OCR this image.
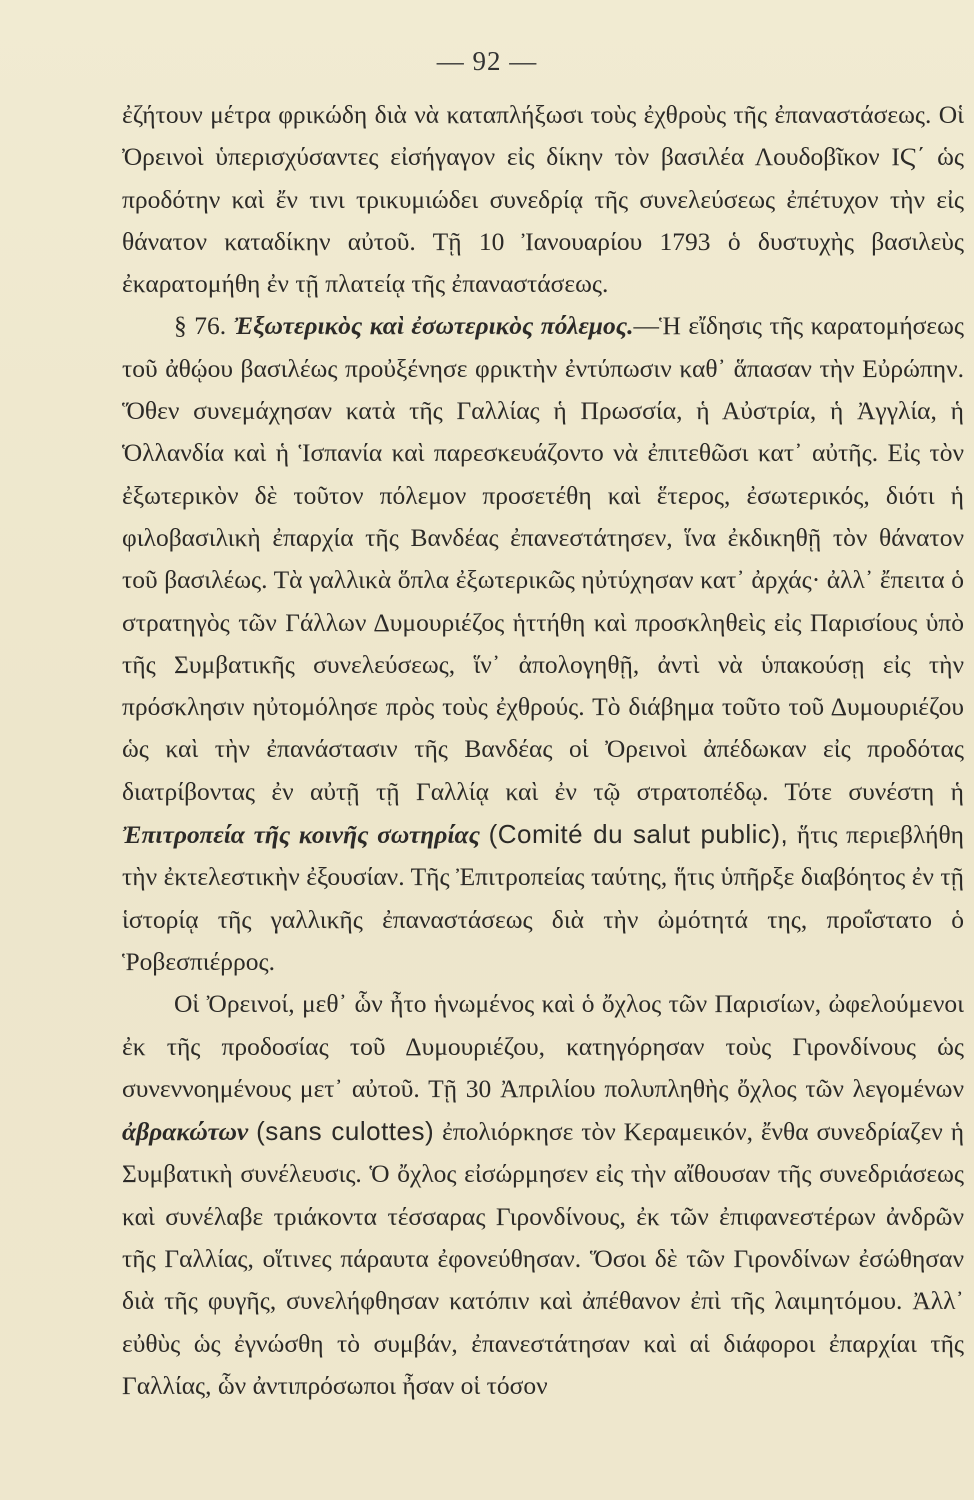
— 92 —

ἐζήτουν μέτρα φρικώδη διὰ νὰ καταπλήξωσι τοὺς ἐχθροὺς τῆς ἐπαναστάσεως. Οἱ Ὀρεινοὶ ὑπερισχύσαντες εἰσήγαγον εἰς δίκην τὸν βασιλέα Λουδοβῖκον ΙϚ΄ ὡς προδότην καὶ ἔν τινι τρικυμιώδει συνεδρίᾳ τῆς συνελεύσεως ἐπέτυχον τὴν εἰς θάνατον καταδίκην αὐτοῦ. Τῇ 10 Ἰανουαρίου 1793 ὁ δυστυχὴς βασιλεὺς ἐκαρατομήθη ἐν τῇ πλατείᾳ τῆς ἐπαναστάσεως.

§ 76. Ἐξωτερικὸς καὶ ἐσωτερικὸς πόλεμος.—Ἡ εἴδησις τῆς καρατομήσεως τοῦ ἀθῴου βασιλέως προὐξένησε φρικτὴν ἐντύπωσιν καθ᾽ ἅπασαν τὴν Εὐρώπην. Ὅθεν συνεμάχησαν κατὰ τῆς Γαλλίας ἡ Πρωσσία, ἡ Αὐστρία, ἡ Ἀγγλία, ἡ Ὁλλανδία καὶ ἡ Ἱσπανία καὶ παρεσκευάζοντο νὰ ἐπιτεθῶσι κατ᾽ αὐτῆς. Εἰς τὸν ἐξωτερικὸν δὲ τοῦτον πόλεμον προσετέθη καὶ ἕτερος, ἐσωτερικός, διότι ἡ φιλοβασιλικὴ ἐπαρχία τῆς Βανδέας ἐπανεστάτησεν, ἵνα ἐκδικηθῇ τὸν θάνατον τοῦ βασιλέως. Τὰ γαλλικὰ ὅπλα ἐξωτερικῶς ηὐτύχησαν κατ᾽ ἀρχάς· ἀλλ᾽ ἔπειτα ὁ στρατηγὸς τῶν Γάλλων Δυμουριέζος ἡττήθη καὶ προσκληθεὶς εἰς Παρισίους ὑπὸ τῆς Συμβατικῆς συνελεύσεως, ἵν᾽ ἀπολογηθῇ, ἀντὶ νὰ ὑπακούσῃ εἰς τὴν πρόσκλησιν ηὐτομόλησε πρὸς τοὺς ἐχθρούς. Τὸ διάβημα τοῦτο τοῦ Δυμουριέζου ὡς καὶ τὴν ἐπανάστασιν τῆς Βανδέας οἱ Ὀρεινοὶ ἀπέδωκαν εἰς προδότας διατρίβοντας ἐν αὐτῇ τῇ Γαλλίᾳ καὶ ἐν τῷ στρατοπέδῳ. Τότε συνέστη ἡ Ἐπιτροπεία τῆς κοινῆς σωτηρίας (Comité du salut public), ἥτις περιεβλήθη τὴν ἐκτελεστικὴν ἐξουσίαν. Τῆς Ἐπιτροπείας ταύτης, ἥτις ὑπῆρξε διαβόητος ἐν τῇ ἱστορίᾳ τῆς γαλλικῆς ἐπαναστάσεως διὰ τὴν ὠμότητά της, προΐστατο ὁ Ῥοβεσπιέρρος.

Οἱ Ὀρεινοί, μεθ᾽ ὧν ἦτο ἡνωμένος καὶ ὁ ὄχλος τῶν Παρισίων, ὠφελούμενοι ἐκ τῆς προδοσίας τοῦ Δυμουριέζου, κατηγόρησαν τοὺς Γιρονδίνους ὡς συνεννοημένους μετ᾽ αὐτοῦ. Τῇ 30 Ἀπριλίου πολυπληθὴς ὄχλος τῶν λεγομένων ἀβρακώτων (sans culottes) ἐπολιόρκησε τὸν Κεραμεικόν, ἔνθα συνεδρίαζεν ἡ Συμβατικὴ συνέλευσις. Ὁ ὄχλος εἰσώρμησεν εἰς τὴν αἴθουσαν τῆς συνεδριάσεως καὶ συνέλαβε τριάκοντα τέσσαρας Γιρονδίνους, ἐκ τῶν ἐπιφανεστέρων ἀνδρῶν τῆς Γαλλίας, οἵτινες πάραυτα ἐφονεύθησαν. Ὅσοι δὲ τῶν Γιρονδίνων ἐσώθησαν διὰ τῆς φυγῆς, συνελήφθησαν κατόπιν καὶ ἀπέθανον ἐπὶ τῆς λαιμητόμου. Ἀλλ᾽ εὐθὺς ὡς ἐγνώσθη τὸ συμβάν, ἐπανεστάτησαν καὶ αἱ διάφοροι ἐπαρχίαι τῆς Γαλλίας, ὧν ἀντιπρόσωποι ἦσαν οἱ τόσον
